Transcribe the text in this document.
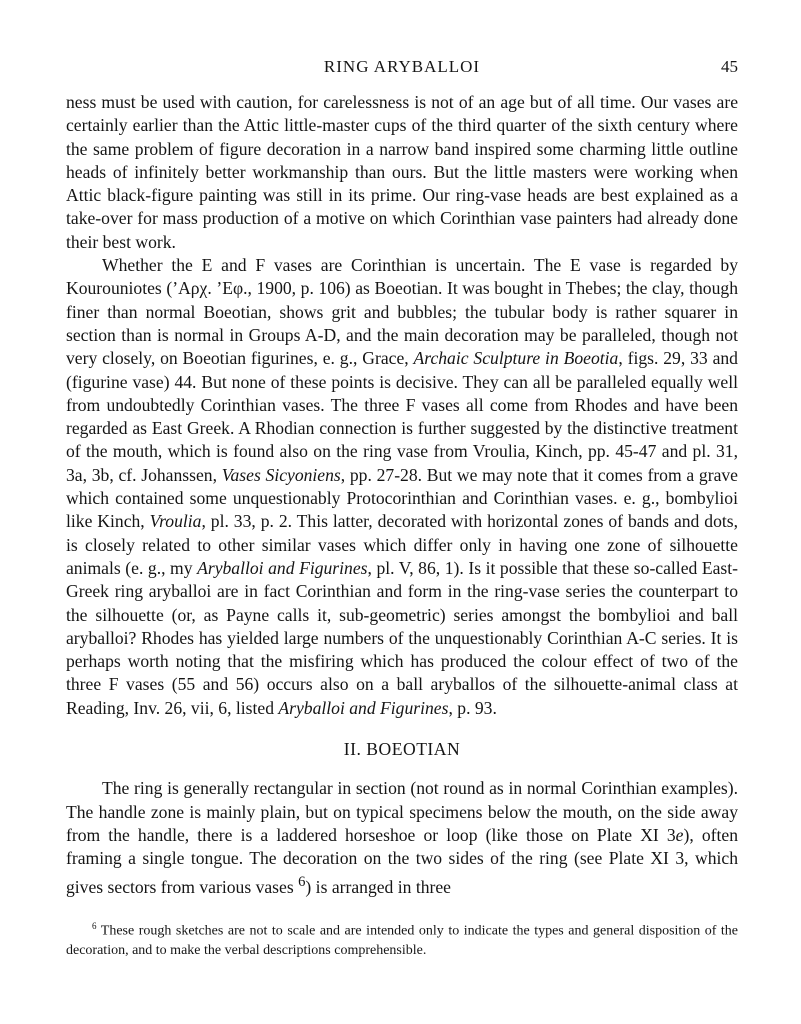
RING ARYBALLOI	45

ness must be used with caution, for carelessness is not of an age but of all time. Our vases are certainly earlier than the Attic little-master cups of the third quarter of the sixth century where the same problem of figure decoration in a narrow band inspired some charming little outline heads of infinitely better workmanship than ours. But the little masters were working when Attic black-figure painting was still in its prime. Our ring-vase heads are best explained as a take-over for mass production of a motive on which Corinthian vase painters had already done their best work.

Whether the E and F vases are Corinthian is uncertain. The E vase is regarded by Kourouniotes (’Αρχ. ’Εφ., 1900, p. 106) as Boeotian. It was bought in Thebes; the clay, though finer than normal Boeotian, shows grit and bubbles; the tubular body is rather squarer in section than is normal in Groups A-D, and the main decoration may be paralleled, though not very closely, on Boeotian figurines, e. g., Grace, Archaic Sculpture in Boeotia, figs. 29, 33 and (figurine vase) 44. But none of these points is decisive. They can all be paralleled equally well from undoubtedly Corinthian vases. The three F vases all come from Rhodes and have been regarded as East Greek. A Rhodian connection is further suggested by the distinctive treatment of the mouth, which is found also on the ring vase from Vroulia, Kinch, pp. 45-47 and pl. 31, 3a, 3b, cf. Johanssen, Vases Sicyoniens, pp. 27-28. But we may note that it comes from a grave which contained some unquestionably Protocorinthian and Corinthian vases. e. g., bombylioi like Kinch, Vroulia, pl. 33, p. 2. This latter, decorated with horizontal zones of bands and dots, is closely related to other similar vases which differ only in having one zone of silhouette animals (e. g., my Aryballoi and Figurines, pl. V, 86, 1). Is it possible that these so-called East-Greek ring aryballoi are in fact Corinthian and form in the ring-vase series the counterpart to the silhouette (or, as Payne calls it, sub-geometric) series amongst the bombylioi and ball aryballoi? Rhodes has yielded large numbers of the unquestionably Corinthian A-C series. It is perhaps worth noting that the misfiring which has produced the colour effect of two of the three F vases (55 and 56) occurs also on a ball aryballos of the silhouette-animal class at Reading, Inv. 26, vii, 6, listed Aryballoi and Figurines, p. 93.

II. BOEOTIAN

The ring is generally rectangular in section (not round as in normal Corinthian examples). The handle zone is mainly plain, but on typical specimens below the mouth, on the side away from the handle, there is a laddered horseshoe or loop (like those on Plate XI 3e), often framing a single tongue. The decoration on the two sides of the ring (see Plate XI 3, which gives sectors from various vases $^6$) is arranged in three

$^6$ These rough sketches are not to scale and are intended only to indicate the types and general disposition of the decoration, and to make the verbal descriptions comprehensible.
